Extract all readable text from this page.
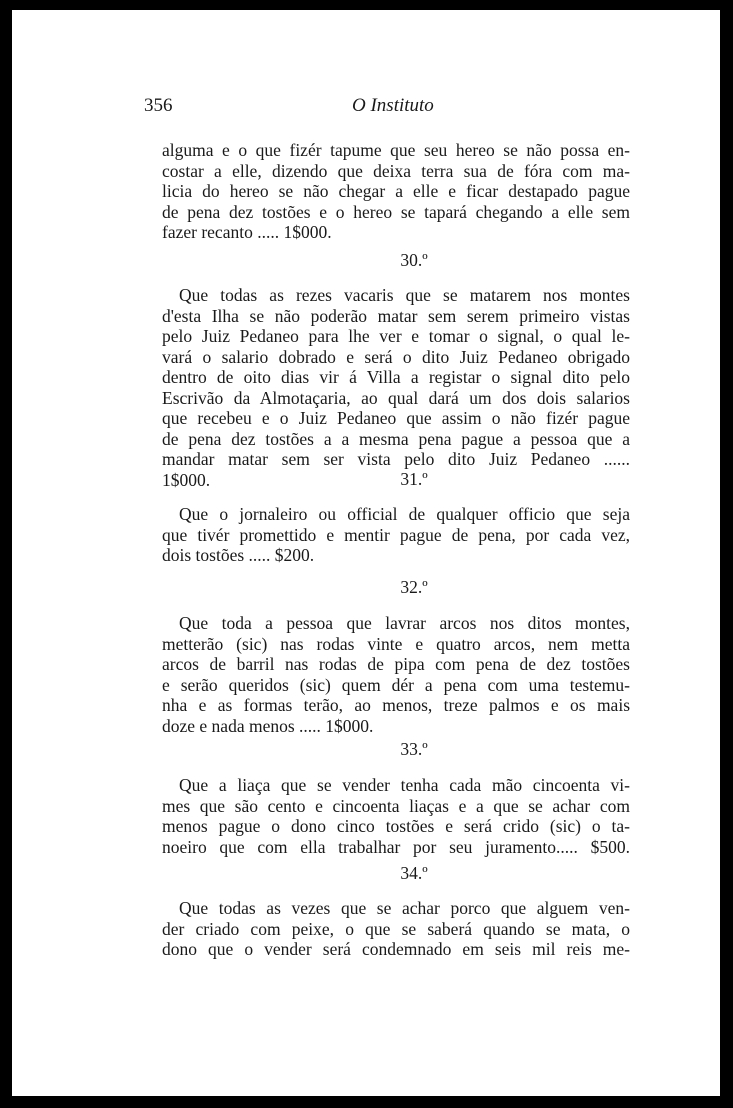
356	O Instituto
alguma e o que fizér tapume que seu hereo se não possa en-
costar a elle, dizendo que deixa terra sua de fóra com ma-
licia do hereo se não chegar a elle e ficar destapado pague
de pena dez tostões e o hereo se tapará chegando a elle sem
fazer recanto ..... 1$000.
30.º
Que todas as rezes vacaris que se matarem nos montes
d'esta Ilha se não poderão matar sem serem primeiro vistas
pelo Juiz Pedaneo para lhe ver e tomar o signal, o qual le-
vará o salario dobrado e será o dito Juiz Pedaneo obrigado
dentro de oito dias vir á Villa a registar o signal dito pelo
Escrivão da Almotaçaria, ao qual dará um dos dois salarios
que recebeu e o Juiz Pedaneo que assim o não fizér pague
de pena dez tostões a a mesma pena pague a pessoa que a
mandar matar sem ser vista pelo dito Juiz Pedaneo ......
1$000.	31.º
Que o jornaleiro ou official de qualquer officio que seja
que tivér promettido e mentir pague de pena, por cada vez,
dois tostões ..... $200.
32.º
Que toda a pessoa que lavrar arcos nos ditos montes,
metterão (sic) nas rodas vinte e quatro arcos, nem metta
arcos de barril nas rodas de pipa com pena de dez tostões
e serão queridos (sic) quem dér a pena com uma testemu-
nha e as formas terão, ao menos, treze palmos e os mais
doze e nada menos ..... 1$000.
33.º
Que a liaça que se vender tenha cada mão cincoenta vi-
mes que são cento e cincoenta liaças e a que se achar com
menos pague o dono cinco tostões e será crido (sic) o ta-
noeiro que com ella trabalhar por seu juramento..... $500.
34.º
Que todas as vezes que se achar porco que alguem ven-
der criado com peixe, o que se saberá quando se mata, o
dono que o vender será condemnado em seis mil reis me-
